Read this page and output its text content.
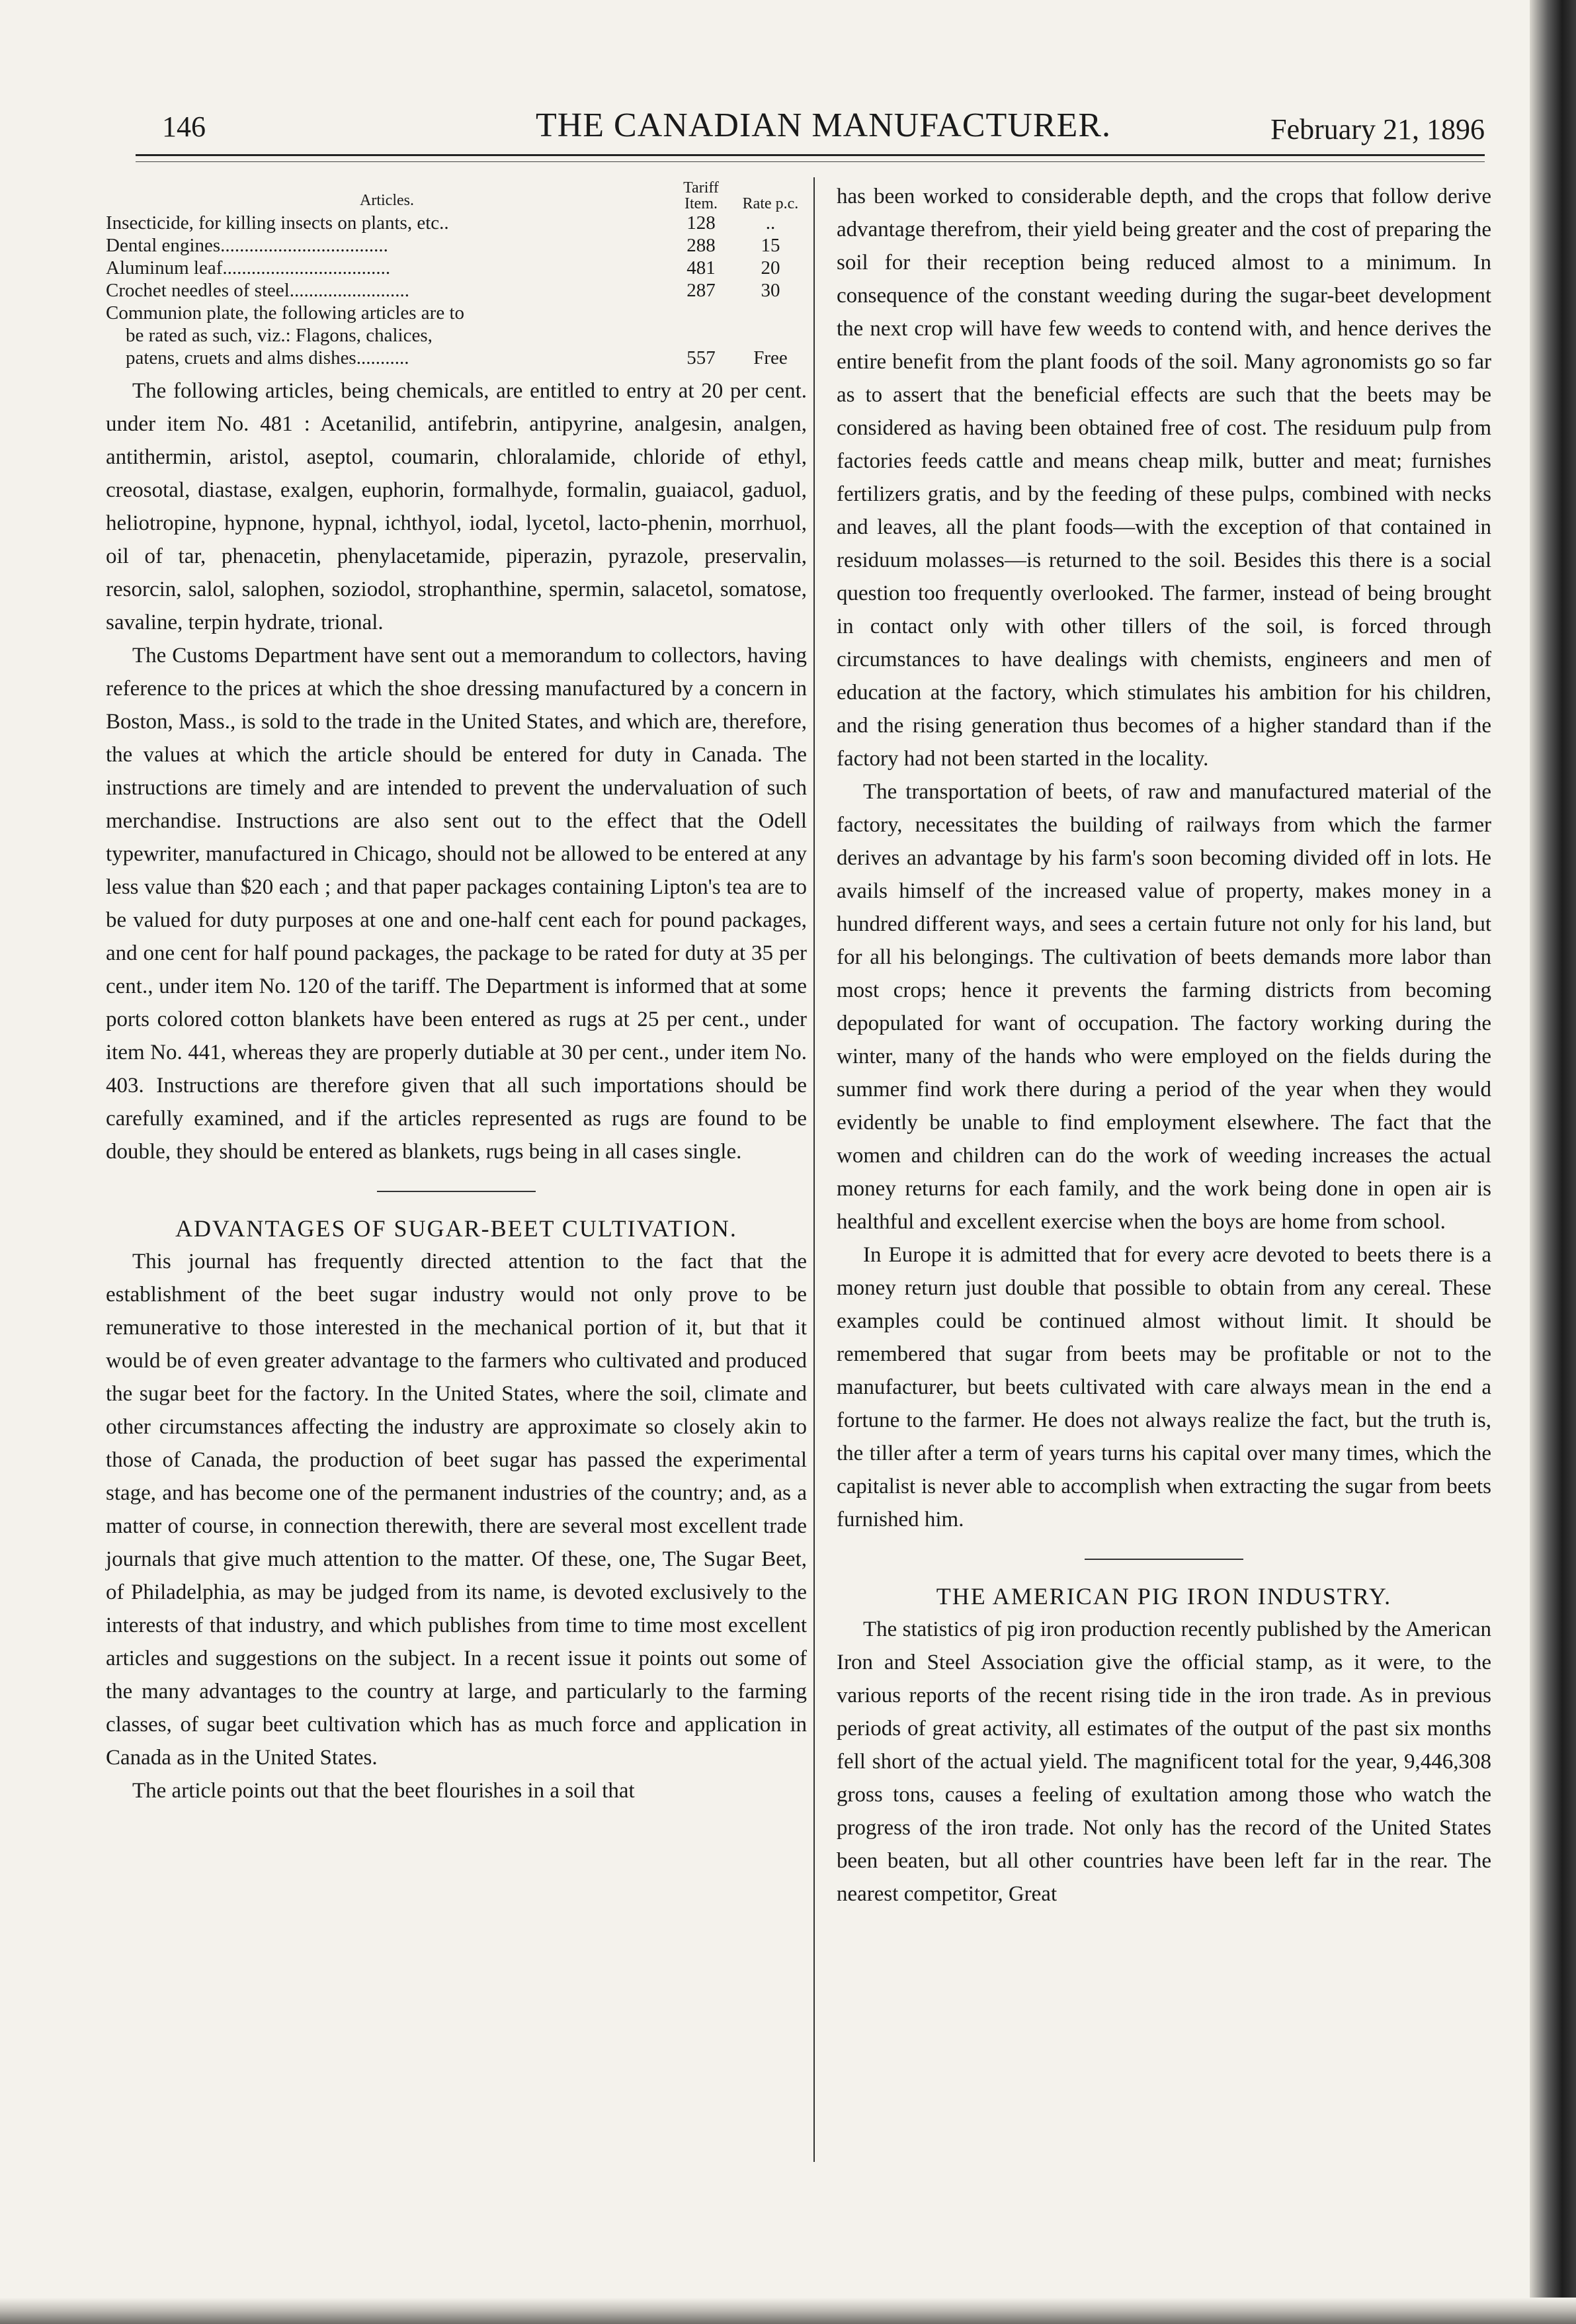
146	THE CANADIAN MANUFACTURER.	February 21, 1896
Articles.	Tariff Item.	Rate p.c.
Insecticide, for killing insects on plants, etc..	128	..
Dental engines...................................	288	15
Aluminum leaf...................................	481	20
Crochet needles of steel.........................	287	30
Communion plate, the following articles are to		
be rated as such, viz.: Flagons, chalices,		
patens, cruets and alms dishes...........	557	Free

The following articles, being chemicals, are entitled to entry at 20 per cent. under item No. 481 : Acetanilid, antifebrin, antipyrine, analgesin, analgen, antithermin, aristol, aseptol, coumarin, chloralamide, chloride of ethyl, creosotal, diastase, exalgen, euphorin, formalhyde, formalin, guaiacol, gaduol, heliotropine, hypnone, hypnal, ichthyol, iodal, lycetol, lacto-phenin, morrhuol, oil of tar, phenacetin, phenylacetamide, piperazin, pyrazole, preservalin, resorcin, salol, salophen, soziodol, strophanthine, spermin, salacetol, somatose, savaline, terpin hydrate, trional.

The Customs Department have sent out a memorandum to collectors, having reference to the prices at which the shoe dressing manufactured by a concern in Boston, Mass., is sold to the trade in the United States, and which are, therefore, the values at which the article should be entered for duty in Canada. The instructions are timely and are intended to prevent the undervaluation of such merchandise. Instructions are also sent out to the effect that the Odell typewriter, manufactured in Chicago, should not be allowed to be entered at any less value than $20 each ; and that paper packages containing Lipton's tea are to be valued for duty purposes at one and one-half cent each for pound packages, and one cent for half pound packages, the package to be rated for duty at 35 per cent., under item No. 120 of the tariff. The Department is informed that at some ports colored cotton blankets have been entered as rugs at 25 per cent., under item No. 441, whereas they are properly dutiable at 30 per cent., under item No. 403. Instructions are therefore given that all such importations should be carefully examined, and if the articles represented as rugs are found to be double, they should be entered as blankets, rugs being in all cases single.

ADVANTAGES OF SUGAR-BEET CULTIVATION.

This journal has frequently directed attention to the fact that the establishment of the beet sugar industry would not only prove to be remunerative to those interested in the mechanical portion of it, but that it would be of even greater advantage to the farmers who cultivated and produced the sugar beet for the factory. In the United States, where the soil, climate and other circumstances affecting the industry are approximate so closely akin to those of Canada, the production of beet sugar has passed the experimental stage, and has become one of the permanent industries of the country; and, as a matter of course, in connection therewith, there are several most excellent trade journals that give much attention to the matter. Of these, one, The Sugar Beet, of Philadelphia, as may be judged from its name, is devoted exclusively to the interests of that industry, and which publishes from time to time most excellent articles and suggestions on the subject. In a recent issue it points out some of the many advantages to the country at large, and particularly to the farming classes, of sugar beet cultivation which has as much force and application in Canada as in the United States.

The article points out that the beet flourishes in a soil that

has been worked to considerable depth, and the crops that follow derive advantage therefrom, their yield being greater and the cost of preparing the soil for their reception being reduced almost to a minimum. In consequence of the constant weeding during the sugar-beet development the next crop will have few weeds to contend with, and hence derives the entire benefit from the plant foods of the soil. Many agronomists go so far as to assert that the beneficial effects are such that the beets may be considered as having been obtained free of cost. The residuum pulp from factories feeds cattle and means cheap milk, butter and meat; furnishes fertilizers gratis, and by the feeding of these pulps, combined with necks and leaves, all the plant foods—with the exception of that contained in residuum molasses—is returned to the soil. Besides this there is a social question too frequently overlooked. The farmer, instead of being brought in contact only with other tillers of the soil, is forced through circumstances to have dealings with chemists, engineers and men of education at the factory, which stimulates his ambition for his children, and the rising generation thus becomes of a higher standard than if the factory had not been started in the locality.

The transportation of beets, of raw and manufactured material of the factory, necessitates the building of railways from which the farmer derives an advantage by his farm's soon becoming divided off in lots. He avails himself of the increased value of property, makes money in a hundred different ways, and sees a certain future not only for his land, but for all his belongings. The cultivation of beets demands more labor than most crops; hence it prevents the farming districts from becoming depopulated for want of occupation. The factory working during the winter, many of the hands who were employed on the fields during the summer find work there during a period of the year when they would evidently be unable to find employment elsewhere. The fact that the women and children can do the work of weeding increases the actual money returns for each family, and the work being done in open air is healthful and excellent exercise when the boys are home from school.

In Europe it is admitted that for every acre devoted to beets there is a money return just double that possible to obtain from any cereal. These examples could be continued almost without limit. It should be remembered that sugar from beets may be profitable or not to the manufacturer, but beets cultivated with care always mean in the end a fortune to the farmer. He does not always realize the fact, but the truth is, the tiller after a term of years turns his capital over many times, which the capitalist is never able to accomplish when extracting the sugar from beets furnished him.

THE AMERICAN PIG IRON INDUSTRY.

The statistics of pig iron production recently published by the American Iron and Steel Association give the official stamp, as it were, to the various reports of the recent rising tide in the iron trade. As in previous periods of great activity, all estimates of the output of the past six months fell short of the actual yield. The magnificent total for the year, 9,446,308 gross tons, causes a feeling of exultation among those who watch the progress of the iron trade. Not only has the record of the United States been beaten, but all other countries have been left far in the rear. The nearest competitor, Great
